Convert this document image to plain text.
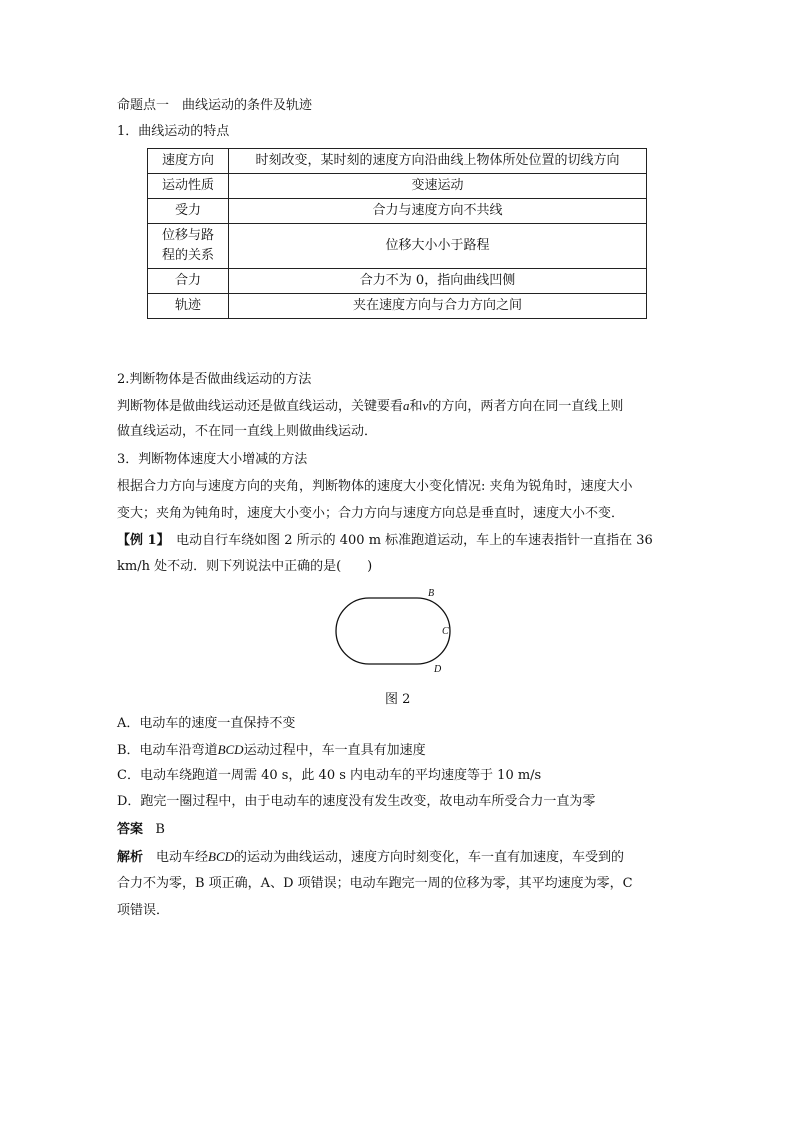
命题点一　曲线运动的条件及轨迹
1．曲线运动的特点
速度方向	时刻改变，某时刻的速度方向沿曲线上物体所处位置的切线方向
运动性质	变速运动
受力	合力与速度方向不共线

位移与路
程的关系	位移大小小于路程
合力	合力不为 0，指向曲线凹侧
轨迹	夹在速度方向与合力方向之间
2.判断物体是否做曲线运动的方法
判断物体是做曲线运动还是做直线运动，关键要看a和v的方向，两者方向在同一直线上则
做直线运动，不在同一直线上则做曲线运动．
3．判断物体速度大小增减的方法
根据合力方向与速度方向的夹角，判断物体的速度大小变化情况: 夹角为锐角时，速度大小
变大；夹角为钝角时，速度大小变小；合力方向与速度方向总是垂直时，速度大小不变．
【例 1】　电动自行车绕如图 2 所示的 400 m 标准跑道运动，车上的车速表指针一直指在 36
km/h 处不动．则下列说法中正确的是(　　)
B
C
D
图 2
A．电动车的速度一直保持不变
B．电动车沿弯道BCD运动过程中，车一直具有加速度
C．电动车绕跑道一周需 40 s，此 40 s 内电动车的平均速度等于 10 m/s
D．跑完一圈过程中，由于电动车的速度没有发生改变，故电动车所受合力一直为零
答案 B
解析　电动车经BCD的运动为曲线运动，速度方向时刻变化，车一直有加速度，车受到的
合力不为零，B 项正确，A、D 项错误；电动车跑完一周的位移为零，其平均速度为零，C
项错误．
